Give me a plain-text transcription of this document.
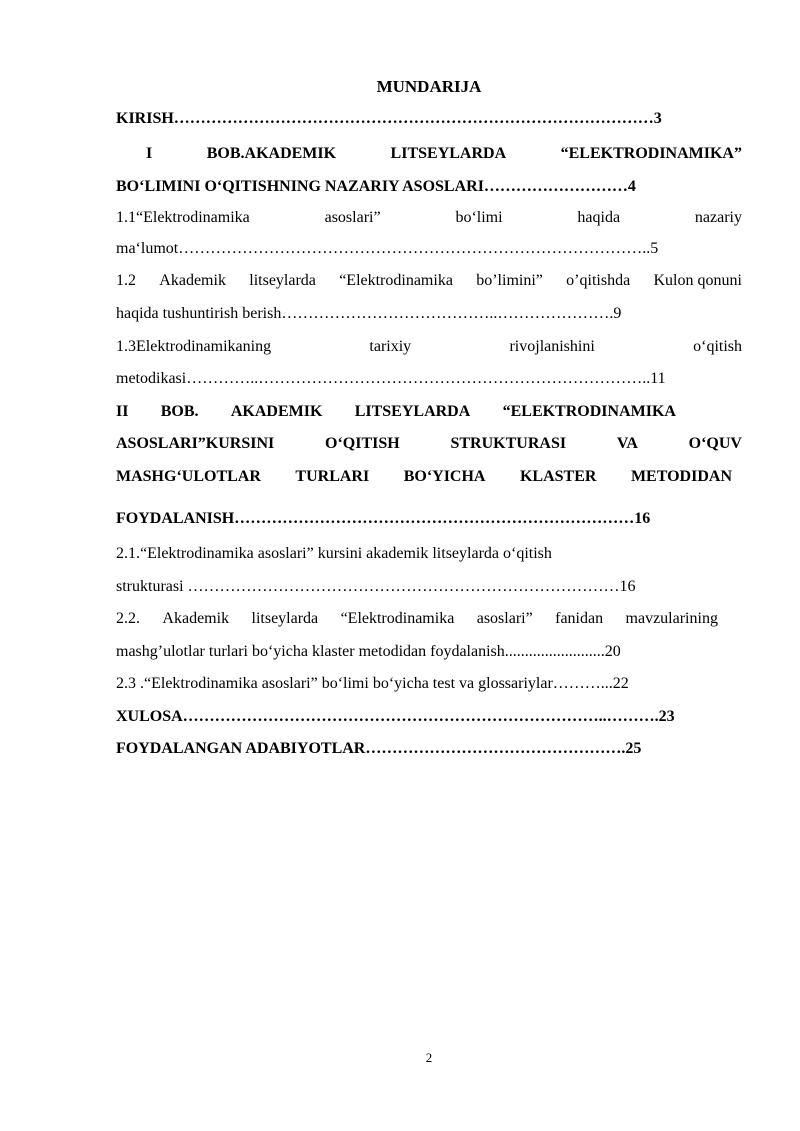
MUNDARIJA
KIRISH………………………………………………………………………………3
I	BOB.AKADEMIK	LITSEYLARDA	“ELEKTRODINAMIKA”
BO‘LIMINI O‘QITISHNING NAZARIY ASOSLARI………………………4
1.1“Elektrodinamika	asoslari”	bo‘limi	haqida	nazariy
ma‘lumot……………………………………………………………………………..5
1.2 Akademik litseylarda “Elektrodinamika bo’limini” o’qitishda Kulon qonuni
haqida tushuntirish berish…………………………………..………………….9
1.3Elektrodinamikaning	tarixiy	rivojlanishini	o‘qitish
metodikasi…………..………………………………………………………………..11
II BOB. AKADEMIK LITSEYLARDA “ELEKTRODINAMIKA
ASOSLARI”KURSINI	O‘QITISH	STRUKTURASI	VA	O‘QUV
MASHG‘ULOTLAR TURLARI BO‘YICHA KLASTER METODIDAN
FOYDALANISH…………………………………………………………………16
2.1.“Elektrodinamika asoslari” kursini akademik litseylarda o‘qitish
strukturasi ………………………………………………………………………16
2.2. Akademik litseylarda “Elektrodinamika asoslari” fanidan mavzularining
mashg’ulotlar turlari bo‘yicha klaster metodidan foydalanish.........................20
2.3 .“Elektrodinamika asoslari” bo‘limi bo‘yicha test va glossariylar………...22
XULOSA……………………………………………………………………..……….23
FOYDALANGAN ADABIYOTLAR………………………………………….25
2
